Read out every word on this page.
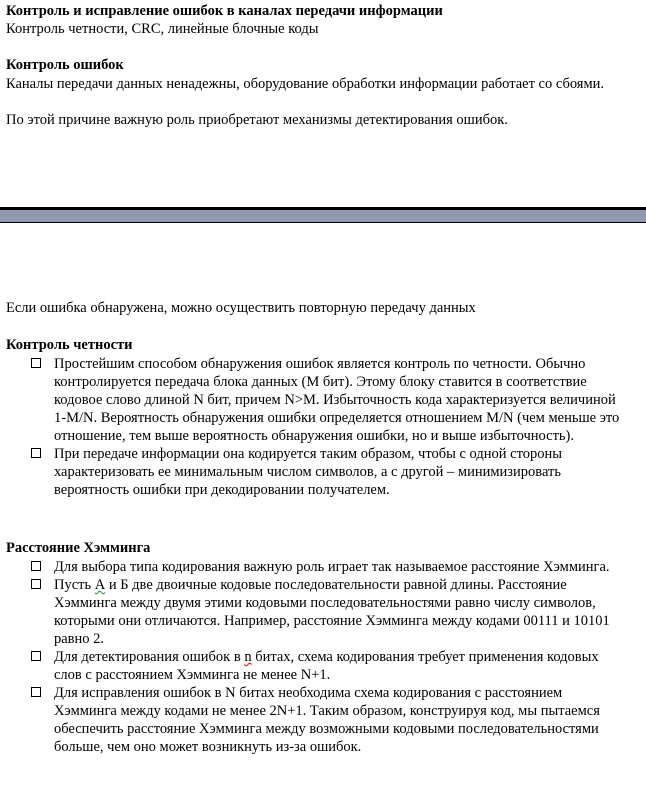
Контроль и исправление ошибок в каналах передачи информации
Контроль четности, CRC, линейные блочные коды
Контроль ошибок
Каналы передачи данных ненадежны, оборудование обработки информации работает со сбоями.
По этой причине важную роль приобретают механизмы детектирования ошибок.
Если ошибка обнаружена, можно осуществить повторную передачу данных
Контроль четности
Простейшим способом обнаружения ошибок является контроль по четности. Обычно контролируется передача блока данных (M бит). Этому блоку ставится в соответствие кодовое слово длиной N бит, причем N>M. Избыточность кода характеризуется величиной 1-M/N. Вероятность обнаружения ошибки определяется отношением M/N (чем меньше это отношение, тем выше вероятность обнаружения ошибки, но и выше избыточность).
При передаче информации она кодируется таким образом, чтобы с одной стороны характеризовать ее минимальным числом символов, а с другой – минимизировать вероятность ошибки при декодировании получателем.
Расстояние Хэмминга
Для выбора типа кодирования важную роль играет так называемое расстояние Хэмминга.
Пусть А и Б две двоичные кодовые последовательности равной длины. Расстояние Хэмминга между двумя этими кодовыми последовательностями равно числу символов, которыми они отличаются. Например, расстояние Хэмминга между кодами 00111 и 10101 равно 2.
Для детектирования ошибок в n битах, схема кодирования требует применения кодовых слов с расстоянием Хэмминга не менее N+1.
Для исправления ошибок в N битах необходима схема кодирования с расстоянием Хэмминга между кодами не менее 2N+1. Таким образом, конструируя код, мы пытаемся обеспечить расстояние Хэмминга между возможными кодовыми последовательностями больше, чем оно может возникнуть из-за ошибок.
